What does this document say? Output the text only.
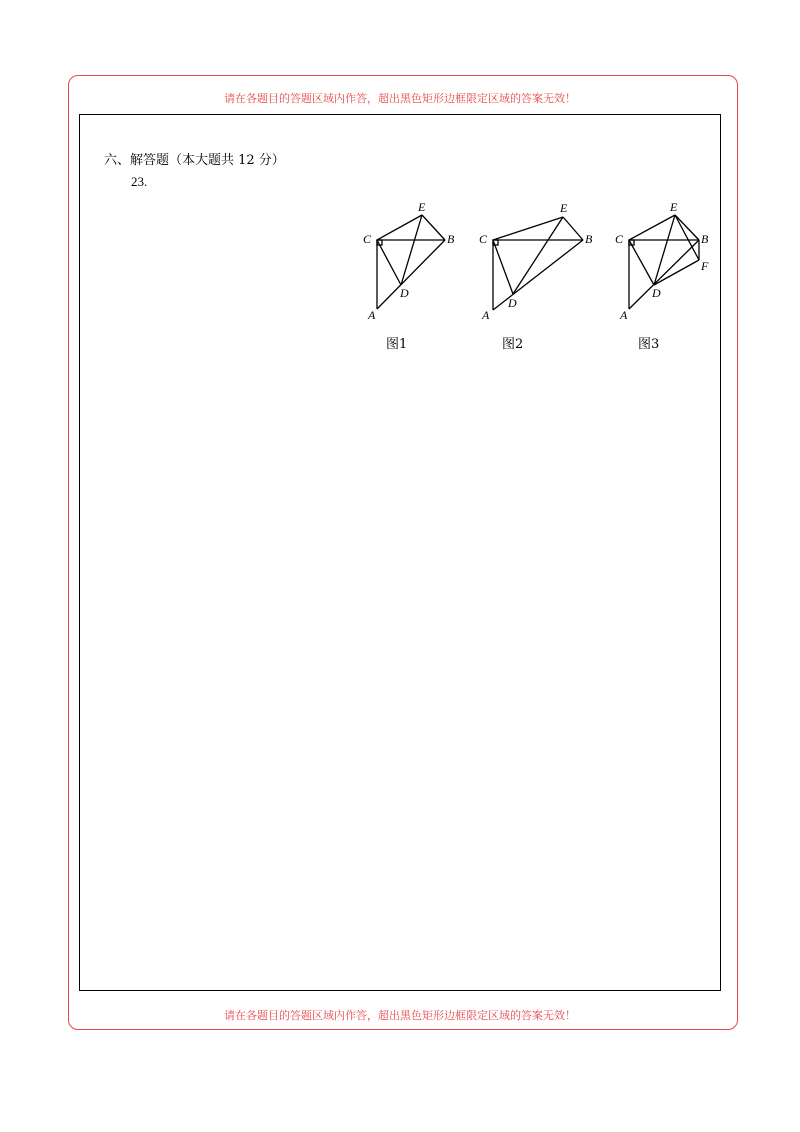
请在各题目的答题区域内作答，超出黑色矩形边框限定区域的答案无效！
六、解答题（本大题共 12 分）
23.
C
E
B
D
A
C
E
B
D
A
C
E
B
F
D
A
图1	图2	图3
请在各题目的答题区域内作答，超出黑色矩形边框限定区域的答案无效！
